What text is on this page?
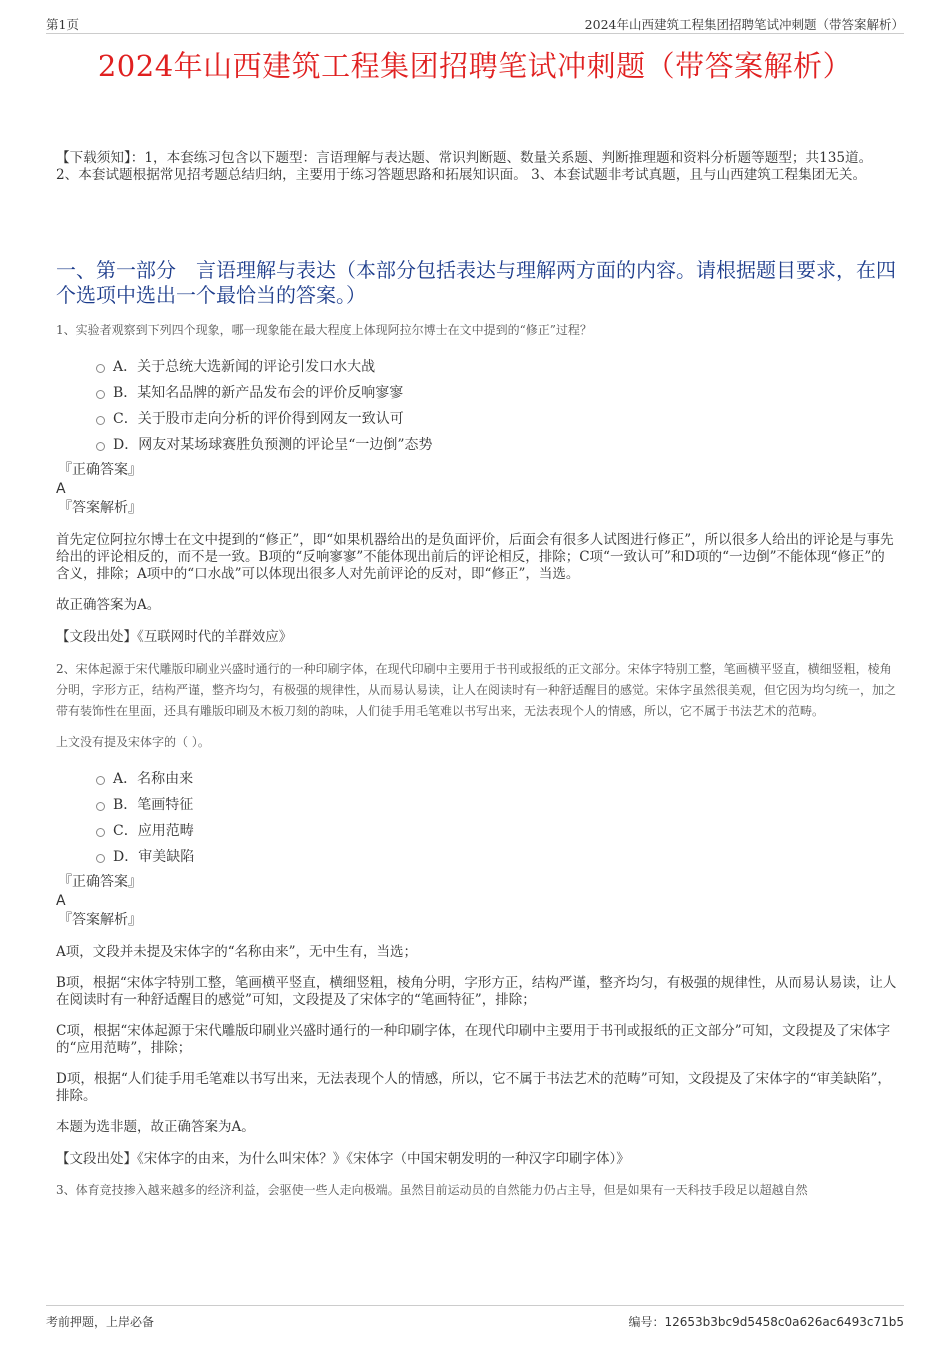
第1页	2024年山西建筑工程集团招聘笔试冲刺题（带答案解析）
2024年山西建筑工程集团招聘笔试冲刺题（带答案解析）

【下载须知】：1，本套练习包含以下题型：言语理解与表达题、常识判断题、数量关系题、判断推理题和资料分析题等题型；共135道。 2、本套试题根据常见招考题总结归纳，主要用于练习答题思路和拓展知识面。 3、本套试题非考试真题，且与山西建筑工程集团无关。

一、第一部分　言语理解与表达（本部分包括表达与理解两方面的内容。请根据题目要求，在四个选项中选出一个最恰当的答案。）

1、实验者观察到下列四个现象，哪一现象能在最大程度上体现阿拉尔博士在文中提到的“修正”过程？

A．关于总统大选新闻的评论引发口水大战
B．某知名品牌的新产品发布会的评价反响寥寥
C．关于股市走向分析的评价得到网友一致认可
D．网友对某场球赛胜负预测的评论呈“一边倒”态势

『正确答案』

A

『答案解析』

首先定位阿拉尔博士在文中提到的“修正”，即“如果机器给出的是负面评价，后面会有很多人试图进行修正”，所以很多人给出的评论是与事先给出的评论相反的，而不是一致。B项的“反响寥寥”不能体现出前后的评论相反，排除；C项“一致认可”和D项的“一边倒”不能体现“修正”的含义，排除；A项中的“口水战”可以体现出很多人对先前评论的反对，即“修正”，当选。

故正确答案为A。

【文段出处】《互联网时代的羊群效应》

2、宋体起源于宋代雕版印刷业兴盛时通行的一种印刷字体，在现代印刷中主要用于书刊或报纸的正文部分。宋体字特别工整，笔画横平竖直，横细竖粗，棱角分明，字形方正，结构严谨，整齐均匀，有极强的规律性，从而易认易读，让人在阅读时有一种舒适醒目的感觉。宋体字虽然很美观，但它因为均匀统一，加之带有装饰性在里面，还具有雕版印刷及木板刀刻的韵味，人们徒手用毛笔难以书写出来，无法表现个人的情感，所以，它不属于书法艺术的范畴。

上文没有提及宋体字的（ ）。

A．名称由来
B．笔画特征
C．应用范畴
D．审美缺陷

『正确答案』

A

『答案解析』

A项，文段并未提及宋体字的“名称由来”，无中生有，当选；

B项，根据“宋体字特别工整，笔画横平竖直，横细竖粗，棱角分明，字形方正，结构严谨，整齐均匀，有极强的规律性，从而易认易读，让人在阅读时有一种舒适醒目的感觉”可知，文段提及了宋体字的“笔画特征”，排除；

C项，根据“宋体起源于宋代雕版印刷业兴盛时通行的一种印刷字体，在现代印刷中主要用于书刊或报纸的正文部分”可知，文段提及了宋体字的“应用范畴”，排除；

D项，根据“人们徒手用毛笔难以书写出来，无法表现个人的情感，所以，它不属于书法艺术的范畴”可知，文段提及了宋体字的“审美缺陷”，排除。

本题为选非题，故正确答案为A。

【文段出处】《宋体字的由来，为什么叫宋体？》《宋体字（中国宋朝发明的一种汉字印刷字体）》

3、体育竞技掺入越来越多的经济利益，会驱使一些人走向极端。虽然目前运动员的自然能力仍占主导，但是如果有一天科技手段足以超越自然

考前押题，上岸必备	编号：12653b3bc9d5458c0a626ac6493c71b5
